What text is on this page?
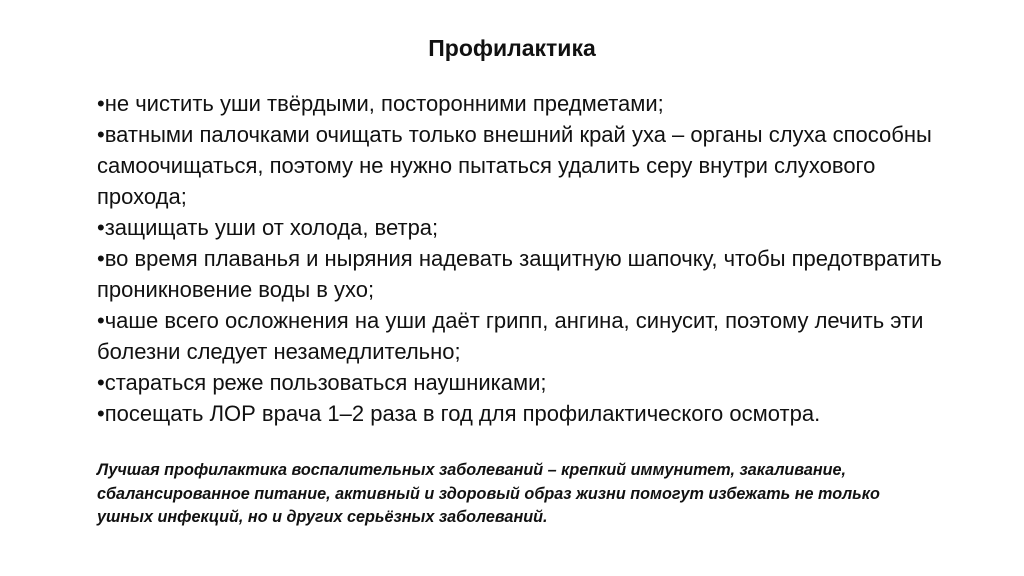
Профилактика
•не чистить уши твёрдыми, посторонними предметами;
•ватными палочками очищать только внешний край уха – органы слуха способны самоочищаться, поэтому не нужно пытаться удалить серу внутри слухового прохода;
•защищать уши от холода, ветра;
•во время плаванья и ныряния надевать защитную шапочку, чтобы предотвратить проникновение воды в ухо;
•чаше всего осложнения на уши даёт грипп, ангина, синусит, поэтому лечить эти болезни следует незамедлительно;
•стараться реже пользоваться наушниками;
•посещать ЛОР врача 1–2 раза в год для профилактического осмотра.

Лучшая профилактика воспалительных заболеваний – крепкий иммунитет, закаливание, сбалансированное питание, активный и здоровый образ жизни помогут избежать не только ушных инфекций, но и других серьёзных заболеваний.
